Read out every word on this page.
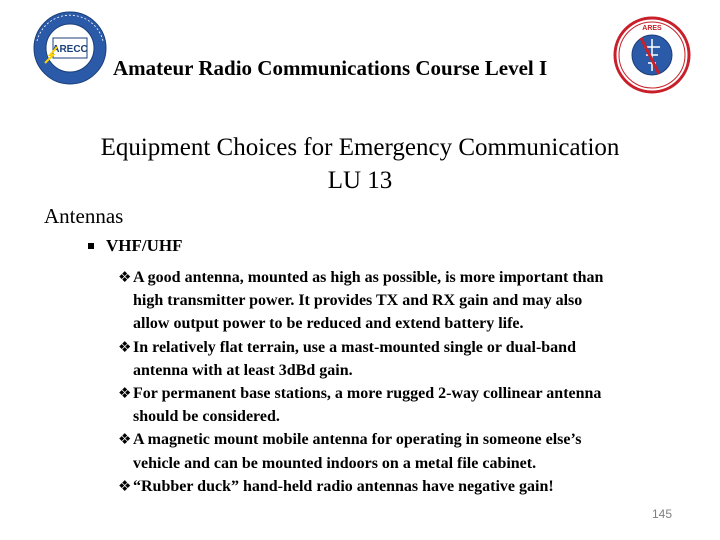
ARECC
ARES
Amateur Radio Communications Course Level I
Equipment Choices for Emergency Communication
LU 13
Antennas
VHF/UHF
❖ A good antenna, mounted as high as possible, is more important than
high transmitter power. It provides TX and RX gain and may also
allow output power to be reduced and extend battery life.
❖ In relatively flat terrain, use a mast-mounted single or dual-band
antenna with at least 3dBd gain.
❖ For permanent base stations, a more rugged 2-way collinear antenna
should be considered.
❖ A magnetic mount mobile antenna for operating in someone else’s
vehicle and can be mounted indoors on a metal file cabinet.
❖ “Rubber duck” hand-held radio antennas have negative gain!
145
